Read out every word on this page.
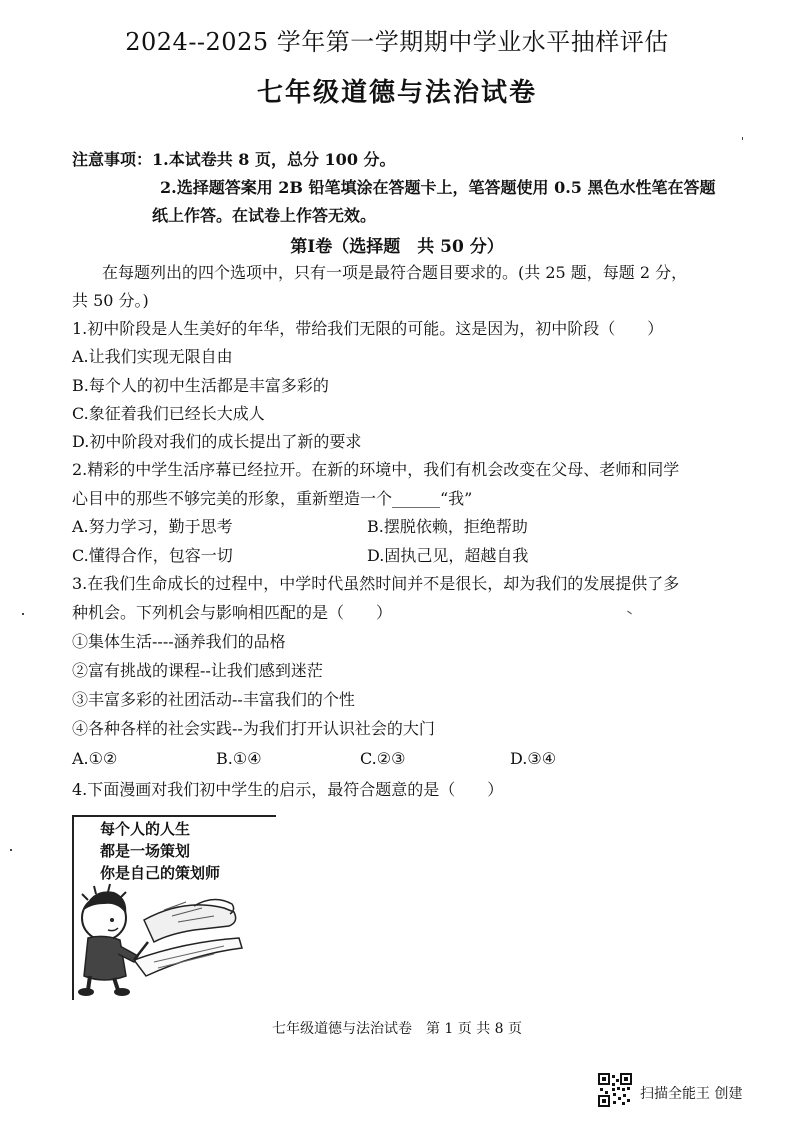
2024--2025 学年第一学期期中学业水平抽样评估
七年级道德与法治试卷
注意事项： 1.本试卷共 8 页，总分 100 分。
2.选择题答案用 2B 铅笔填涂在答题卡上，笔答题使用 0.5 黑色水性笔在答题
纸上作答。在试卷上作答无效。
第Ⅰ卷（选择题　共 50 分）
在每题列出的四个选项中，只有一项是最符合题目要求的。(共 25 题，每题 2 分，
共 50 分。)
1.初中阶段是人生美好的年华，带给我们无限的可能。这是因为，初中阶段（　　）
A.让我们实现无限自由
B.每个人的初中生活都是丰富多彩的
C.象征着我们已经长大成人
D.初中阶段对我们的成长提出了新的要求
2.精彩的中学生活序幕已经拉开。在新的环境中，我们有机会改变在父母、老师和同学
心目中的那些不够完美的形象，重新塑造一个______“我”
A.努力学习，勤于思考	B.摆脱依赖，拒绝帮助
C.懂得合作，包容一切	D.固执己见，超越自我
3.在我们生命成长的过程中，中学时代虽然时间并不是很长，却为我们的发展提供了多
种机会。下列机会与影响相匹配的是（　　）
①集体生活----涵养我们的品格
②富有挑战的课程--让我们感到迷茫
③丰富多彩的社团活动--丰富我们的个性
④各种各样的社会实践--为我们打开认识社会的大门
A.①②	B.①④	C.②③	D.③④
4.下面漫画对我们初中学生的启示，最符合题意的是（　　）
每个人的人生
都是一场策划
你是自己的策划师
七年级道德与法治试卷　第 1 页 共 8 页
扫描全能王 创建
